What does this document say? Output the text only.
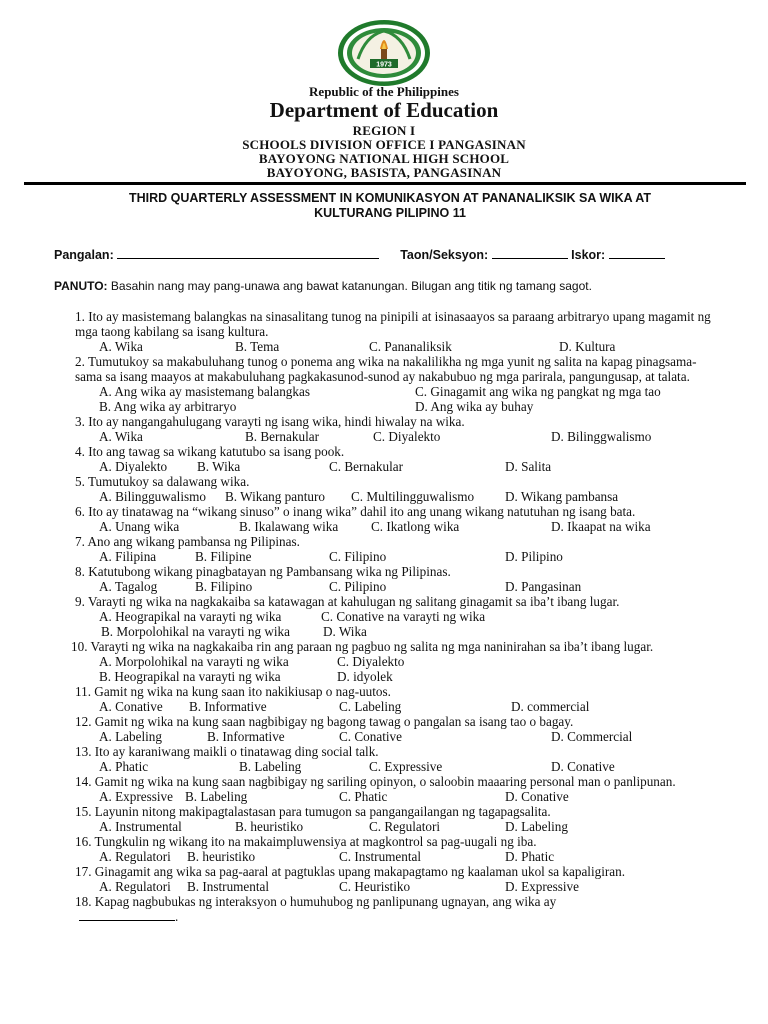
1973
Republic of the Philippines
Department of Education
REGION I
SCHOOLS DIVISION OFFICE I PANGASINAN
BAYOYONG NATIONAL HIGH SCHOOL
BAYOYONG, BASISTA, PANGASINAN
THIRD QUARTERLY ASSESSMENT IN KOMUNIKASYON AT PANANALIKSIK SA WIKA AT
KULTURANG PILIPINO 11
Pangalan:	Taon/Seksyon:	Iskor:
PANUTO: Basahin nang may pang-unawa ang bawat katanungan. Bilugan ang titik ng tamang sagot.
1. Ito ay masistemang balangkas na sinasalitang tunog na pinipili at isinasaayos sa paraang arbitraryo upang magamit ng mga taong kabilang sa isang kultura.
A. Wika	B. Tema	C. Pananaliksik	D. Kultura
2. Tumutukoy sa makabuluhang tunog o ponema ang wika na nakalilikha ng mga yunit ng salita na kapag pinagsama-sama sa isang maayos at makabuluhang pagkakasunod-sunod ay nakabubuo ng mga parirala, pangungusap, at talata.
A. Ang wika ay masistemang balangkas	C. Ginagamit ang wika ng pangkat ng mga tao
B. Ang wika ay arbitraryo	D. Ang wika ay buhay
3. Ito ay nangangahulugang varayti ng isang wika, hindi hiwalay na wika.
A. Wika	B. Bernakular	C. Diyalekto	D. Bilinggwalismo
4. Ito ang tawag sa wikang katutubo sa isang pook.
A. Diyalekto B. Wika	C. Bernakular	D. Salita
5. Tumutukoy sa dalawang wika.
A. Bilingguwalismo B. Wikang panturo C. Multilingguwalismo D. Wikang pambansa
6. Ito ay tinatawag na “wikang sinuso” o inang wika” dahil ito ang unang wikang natutuhan ng isang bata.
A. Unang wika	B. Ikalawang wika C. Ikatlong wika	D. Ikaapat na wika
7. Ano ang wikang pambansa ng Pilipinas.
A. Filipina	B. Filipine	C. Filipino	D. Pilipino
8. Katutubong wikang pinagbatayan ng Pambansang wika ng Pilipinas.
A. Tagalog	B. Filipino	C. Pilipino	D. Pangasinan
9. Varayti ng wika na nagkakaiba sa katawagan at kahulugan ng salitang ginagamit sa iba’t ibang lugar.
A. Heograpikal na varayti ng wika	C. Conative na varayti ng wika
B. Morpolohikal na varayti ng wika	D. Wika
10. Varayti ng wika na nagkakaiba rin ang paraan ng pagbuo ng salita ng mga naninirahan sa iba’t ibang lugar.
A. Morpolohikal na varayti ng wika	C. Diyalekto
B. Heograpikal na varayti ng wika	D. idyolek
11. Gamit ng wika na kung saan ito nakikiusap o nag-uutos.
A. Conative B. Informative	C. Labeling	D. commercial
12. Gamit ng wika na kung saan nagbibigay ng bagong tawag o pangalan sa isang tao o bagay.
A. Labeling	B. Informative	C. Conative	D. Commercial
13. Ito ay karaniwang maikli o tinatawag ding social talk.
A. Phatic	B. Labeling	C. Expressive	D. Conative
14. Gamit ng wika na kung saan nagbibigay ng sariling opinyon, o saloobin maaaring personal man o panlipunan.
A. Expressive B. Labeling	C. Phatic	D. Conative
15. Layunin nitong makipagtalastasan para tumugon sa pangangailangan ng tagapagsalita.
A. Instrumental	B. heuristiko	C. Regulatori	D. Labeling
16. Tungkulin ng wikang ito na makaimpluwensiya at magkontrol sa pag-uugali ng iba.
A. Regulatori B. heuristiko	C. Instrumental	D. Phatic
17. Ginagamit ang wika sa pag-aaral at pagtuklas upang makapagtamo ng kaalaman ukol sa kapaligiran.
A. Regulatori B. Instrumental	C. Heuristiko	D. Expressive
18. Kapag nagbubukas ng interaksyon o humuhubog ng panlipunang ugnayan, ang wika ay
.
